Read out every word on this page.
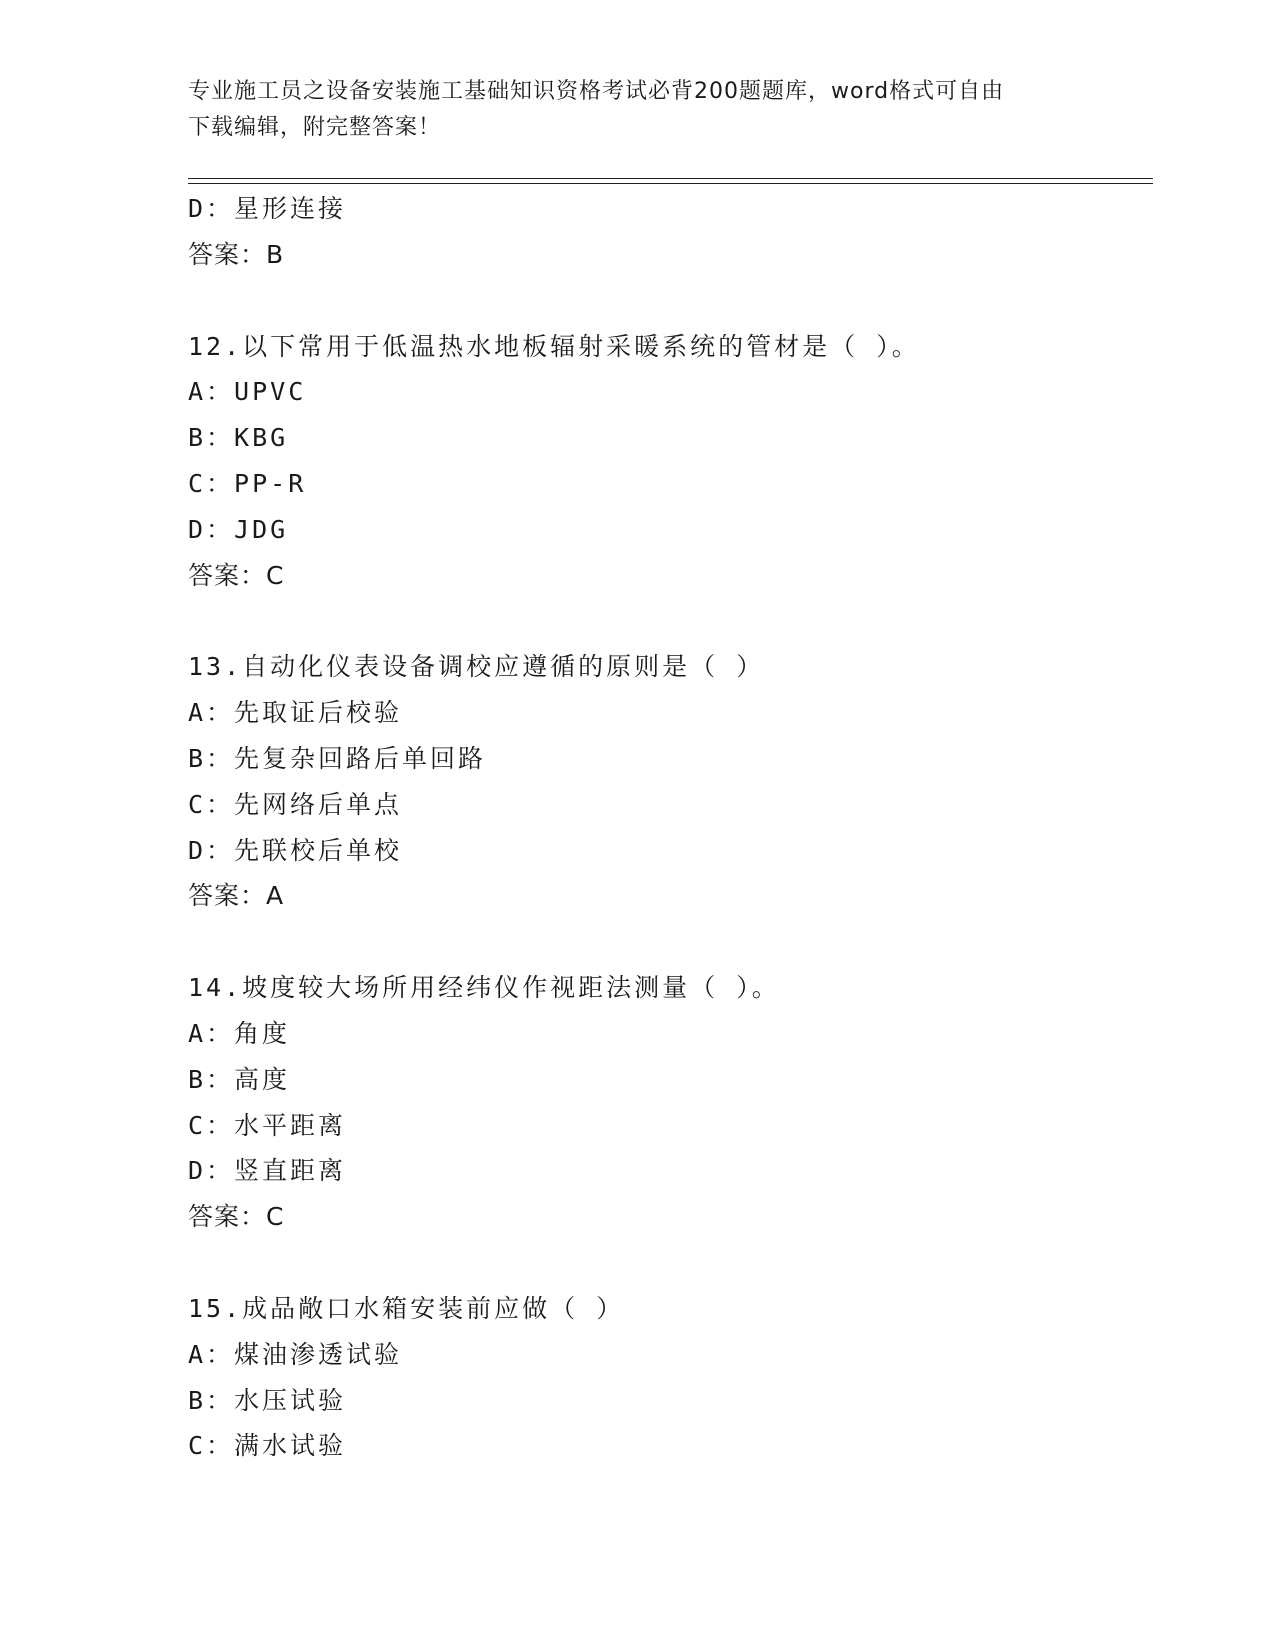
专业施工员之设备安装施工基础知识资格考试必背200题题库，word格式可自由
下载编辑，附完整答案！
D：星形连接
答案：B
12.以下常用于低温热水地板辐射采暖系统的管材是（ ）。
A：UPVC
B：KBG
C：PP-R
D：JDG
答案：C
13.自动化仪表设备调校应遵循的原则是（ ）
A：先取证后校验
B：先复杂回路后单回路
C：先网络后单点
D：先联校后单校
答案：A
14.坡度较大场所用经纬仪作视距法测量（ ）。
A：角度
B：高度
C：水平距离
D：竖直距离
答案：C
15.成品敞口水箱安装前应做（ ）
A：煤油渗透试验
B：水压试验
C：满水试验
